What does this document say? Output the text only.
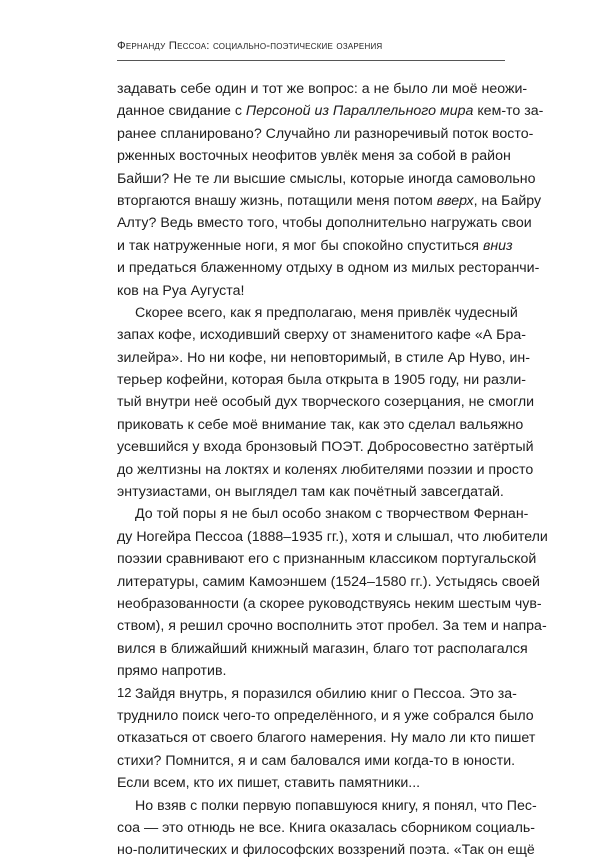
Фернанду Пессоа: социально-поэтические озарения
задавать себе один и тот же вопрос: а не было ли моё неожи-
данное свидание с Персоной из Параллельного мира кем-то за-
ранее спланировано? Случайно ли разноречивый поток восто-
рженных восточных неофитов увлёк меня за собой в район
Байши? Не те ли высшие смыслы, которые иногда самовольно
вторгаются внашу жизнь, потащили меня потом вверх, на Байру
Алту? Ведь вместо того, чтобы дополнительно нагружать свои
и так натруженные ноги, я мог бы спокойно спуститься вниз
и предаться блаженному отдыху в одном из милых ресторанчи-
ков на Руа Аугуста!
Скорее всего, как я предполагаю, меня привлёк чудесный
запах кофе, исходивший сверху от знаменитого кафе «А Бра-
зилейра». Но ни кофе, ни неповторимый, в стиле Ар Нуво, ин-
терьер кофейни, которая была открыта в 1905 году, ни разли-
тый внутри неё особый дух творческого созерцания, не смогли
приковать к себе моё внимание так, как это сделал вальяжно
усевшийся у входа бронзовый ПОЭТ. Добросовестно затёртый
до желтизны на локтях и коленях любителями поэзии и просто
энтузиастами, он выглядел там как почётный завсегдатай.
До той поры я не был особо знаком с творчеством Фернан-
ду Ногейра Пессоа (1888–1935 гг.), хотя и слышал, что любители
поэзии сравнивают его с признанным классиком португальской
литературы, самим Камоэншем (1524–1580 гг.). Устыдясь своей
необразованности (а скорее руководствуясь неким шестым чув-
ством), я решил срочно восполнить этот пробел. За тем и напра-
вился в ближайший книжный магазин, благо тот располагался
прямо напротив.
Зайдя внутрь, я поразился обилию книг о Пессоа. Это за-
труднило поиск чего-то определённого, и я уже собрался было
отказаться от своего благого намерения. Ну мало ли кто пишет
стихи? Помнится, я и сам баловался ими когда-то в юности.
Если всем, кто их пишет, ставить памятники...
Но взяв с полки первую попавшуюся книгу, я понял, что Пес-
соа — это отнюдь не все. Книга оказалась сборником социаль-
но-политических и философских воззрений поэта. «Так он ещё
12
